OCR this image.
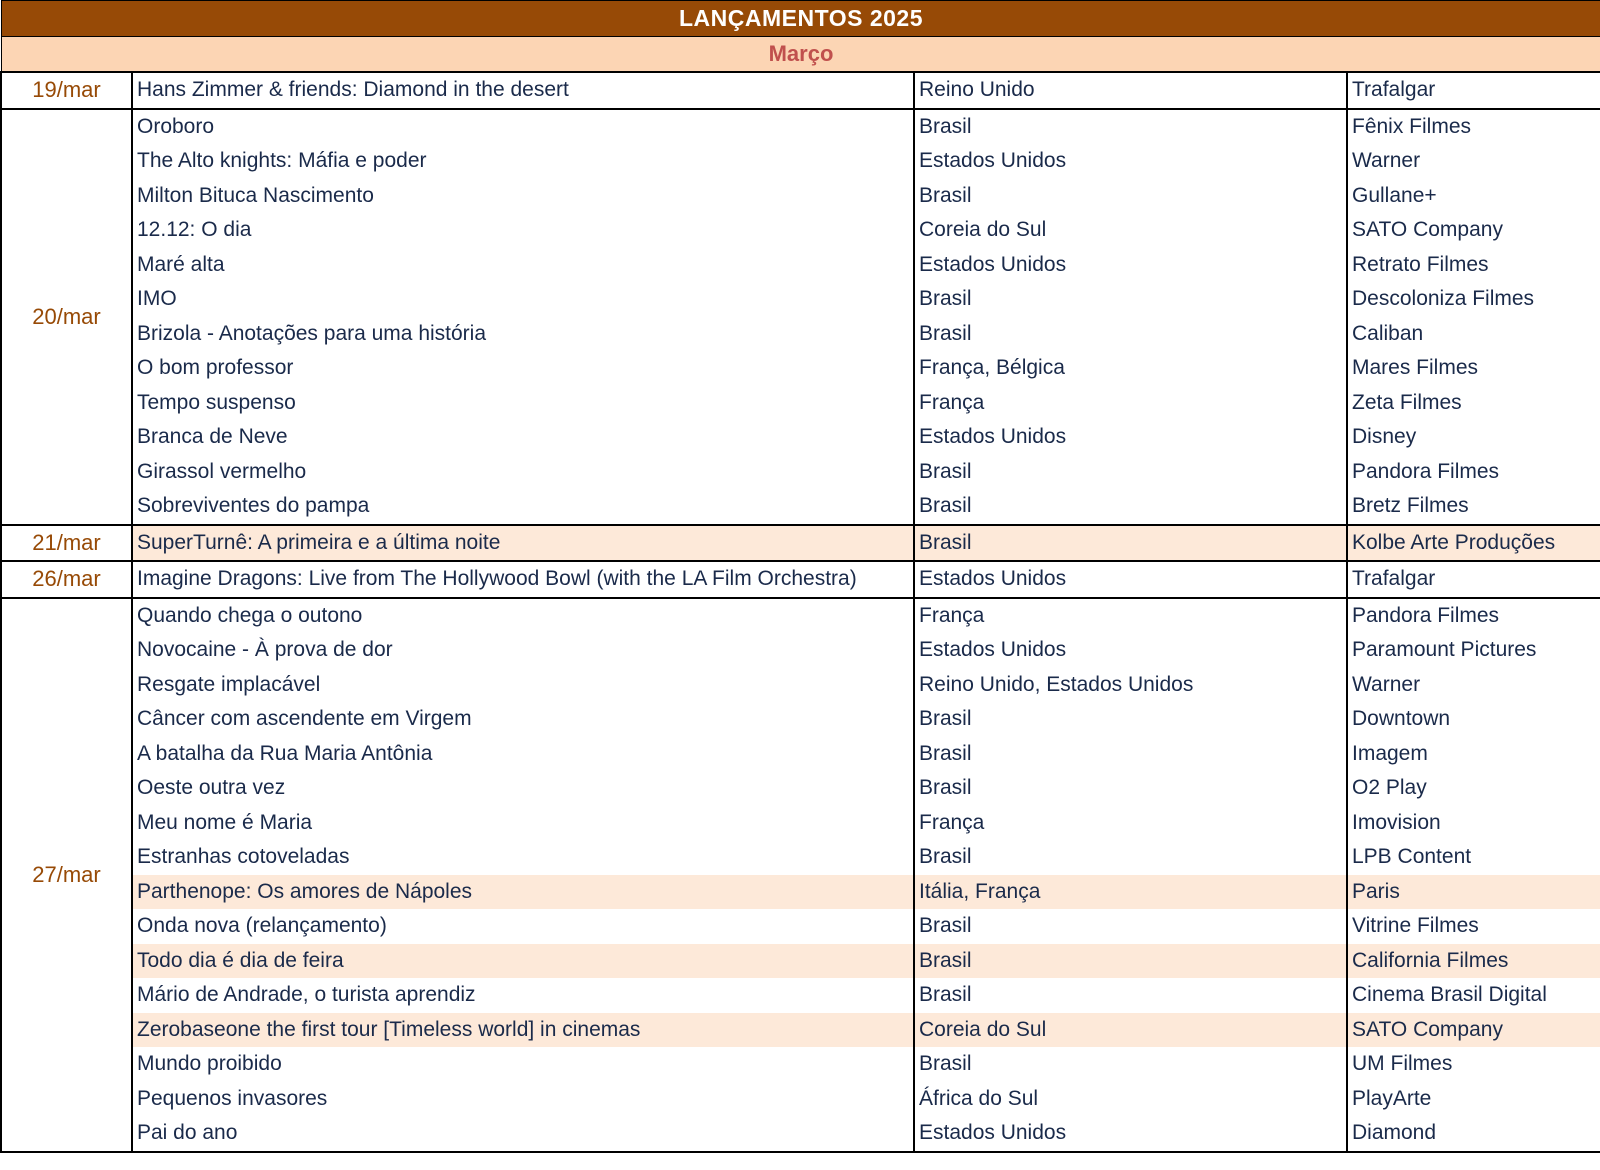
LANÇAMENTOS 2025			
Março			
19/mar	Hans Zimmer & friends: Diamond in the desert	Reino Unido	Trafalgar
20/mar	Oroboro	Brasil	Fênix Filmes
	The Alto knights: Máfia e poder	Estados Unidos	Warner
	Milton Bituca Nascimento	Brasil	Gullane+
	12.12: O dia	Coreia do Sul	SATO Company
	Maré alta	Estados Unidos	Retrato Filmes
	IMO	Brasil	Descoloniza Filmes
	Brizola - Anotações para uma história	Brasil	Caliban
	O bom professor	França, Bélgica	Mares Filmes
	Tempo suspenso	França	Zeta Filmes
	Branca de Neve	Estados Unidos	Disney
	Girassol vermelho	Brasil	Pandora Filmes
	Sobreviventes do pampa	Brasil	Bretz Filmes
21/mar	SuperTurnê: A primeira e a última noite	Brasil	Kolbe Arte Produções
26/mar	Imagine Dragons: Live from The Hollywood Bowl (with the LA Film Orchestra)	Estados Unidos	Trafalgar
27/mar	Quando chega o outono	França	Pandora Filmes
	Novocaine - À prova de dor	Estados Unidos	Paramount Pictures
	Resgate implacável	Reino Unido, Estados Unidos	Warner
	Câncer com ascendente em Virgem	Brasil	Downtown
	A batalha da Rua Maria Antônia	Brasil	Imagem
	Oeste outra vez	Brasil	O2 Play
	Meu nome é Maria	França	Imovision
	Estranhas cotoveladas	Brasil	LPB Content
	Parthenope: Os amores de Nápoles	Itália, França	Paris
	Onda nova (relançamento)	Brasil	Vitrine Filmes
	Todo dia é dia de feira	Brasil	California Filmes
	Mário de Andrade, o turista aprendiz	Brasil	Cinema Brasil Digital
	Zerobaseone the first tour [Timeless world] in cinemas	Coreia do Sul	SATO Company
	Mundo proibido	Brasil	UM Filmes
	Pequenos invasores	África do Sul	PlayArte
	Pai do ano	Estados Unidos	Diamond
